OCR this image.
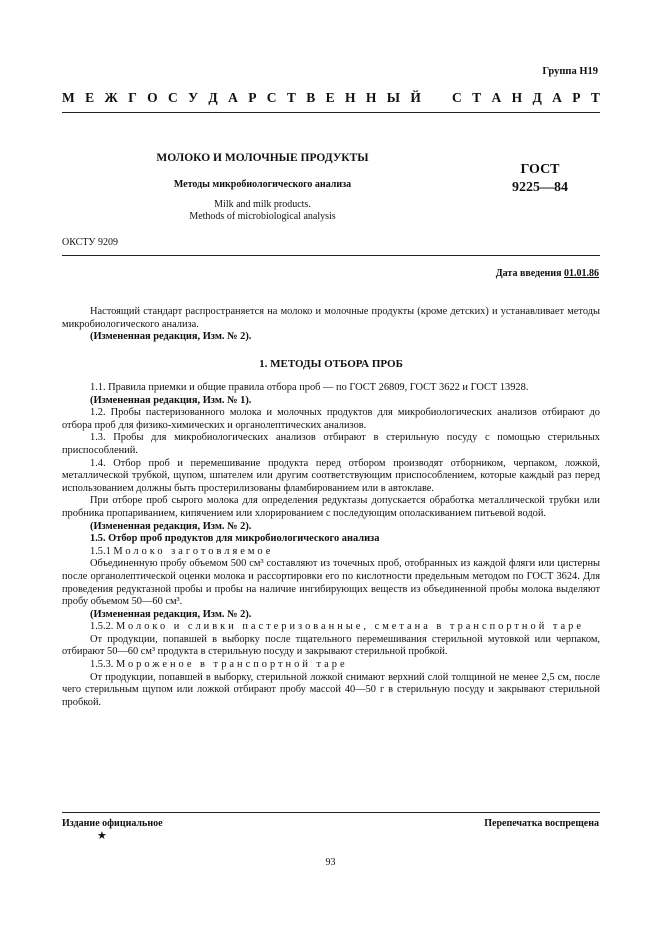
Группа Н19
М Е Ж Г О С У Д А Р С Т В Е Н Н Ы Й С Т А Н Д А Р Т
МОЛОКО И МОЛОЧНЫЕ ПРОДУКТЫ
Методы микробиологического анализа
Milk and milk products.
Methods of microbiological analysis
ГОСТ
9225—84
ОКСТУ 9209
Дата введения 01.01.86

Настоящий стандарт распространяется на молоко и молочные продукты (кроме детских) и устанавливает методы микробиологического анализа.

(Измененная редакция, Изм. № 2).

1. МЕТОДЫ ОТБОРА ПРОБ

1.1. Правила приемки и общие правила отбора проб — по ГОСТ 26809, ГОСТ 3622 и ГОСТ 13928.

(Измененная редакция, Изм. № 1).

1.2. Пробы пастеризованного молока и молочных продуктов для микробиологических анализов отбирают до отбора проб для физико-химических и органолептических анализов.

1.3. Пробы для микробиологических анализов отбирают в стерильную посуду с помощью стерильных приспособлений.

1.4. Отбор проб и перемешивание продукта перед отбором производят отборником, черпаком, ложкой, металлической трубкой, щупом, шпателем или другим соответствующим приспособлением, которые каждый раз перед использованием должны быть простерилизованы фламбированием или в автоклаве.

При отборе проб сырого молока для определения редуктазы допускается обработка металлической трубки или пробника пропариванием, кипячением или хлорированием с последующим ополаскиванием питьевой водой.

(Измененная редакция, Изм. № 2).

1.5. Отбор проб продуктов для микробиологического анализа

1.5.1 Молоко заготовляемое

Объединенную пробу объемом 500 см³ составляют из точечных проб, отобранных из каждой фляги или цистерны после органолептической оценки молока и рассортировки его по кислотности предельным методом по ГОСТ 3624. Для проведения редуктазной пробы и пробы на наличие ингибирующих веществ из объединенной пробы молока выделяют пробу объемом 50—60 см³.

(Измененная редакция, Изм. № 2).

1.5.2. Молоко и сливки пастеризованные, сметана в транспортной таре

От продукции, попавшей в выборку после тщательного перемешивания стерильной мутовкой или черпаком, отбирают 50—60 см³ продукта в стерильную посуду и закрывают стерильной пробкой.

1.5.3. Мороженое в транспортной таре

От продукции, попавшей в выборку, стерильной ложкой снимают верхний слой толщиной не менее 2,5 см, после чего стерильным щупом или ложкой отбирают пробу массой 40—50 г в стерильную посуду и закрывают стерильной пробкой.

Издание официальное
★
Перепечатка воспрещена
93
